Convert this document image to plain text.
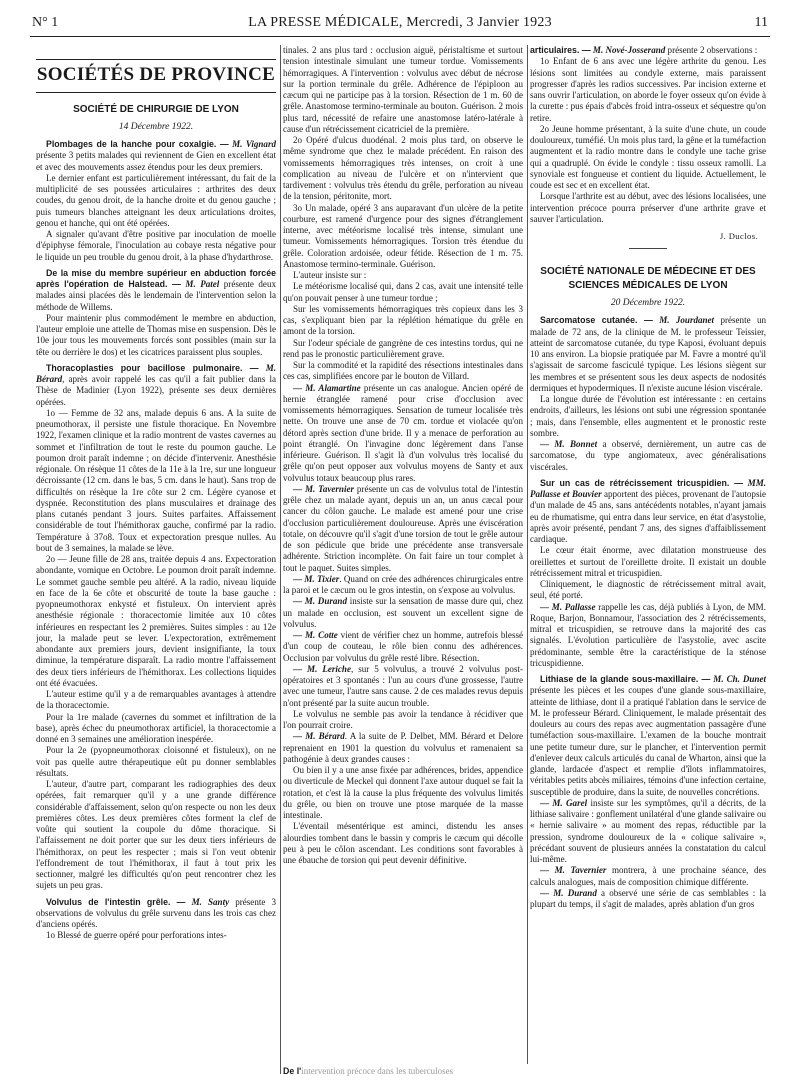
N° 1	LA PRESSE MÉDICALE, Mercredi, 3 Janvier 1923	11
SOCIÉTÉS DE PROVINCE
SOCIÉTÉ DE CHIRURGIE DE LYON
14 Décembre 1922.

Plombages de la hanche pour coxalgie. — M. Vignard présente 3 petits malades qui reviennent de Gien en excellent état et avec des mouvements assez étendus pour les deux premiers.

Le dernier enfant est particulièrement intéressant, du fait de la multiplicité de ses poussées articulaires : arthrites des deux coudes, du genou droit, de la hanche droite et du genou gauche ; puis tumeurs blanches atteignant les deux articulations droites, genou et hanche, qui ont été opérées.

A signaler qu'avant d'être positive par inoculation de moelle d'épiphyse fémorale, l'inoculation au cobaye resta négative pour le liquide un peu trouble du genou droit, à la phase d'hydarthrose.

De la mise du membre supérieur en abduction forcée après l'opération de Halstead. — M. Patel présente deux malades ainsi placées dès le lendemain de l'intervention selon la méthode de Willems.

Pour maintenir plus commodément le membre en abduction, l'auteur emploie une attelle de Thomas mise en suspension. Dès le 10e jour tous les mouvements forcés sont possibles (main sur la tête ou derrière le dos) et les cicatrices paraissent plus souples.

Thoracoplasties pour bacillose pulmonaire. — M. Bérard, après avoir rappelé les cas qu'il a fait publier dans la Thèse de Madinier (Lyon 1922), présente ses deux dernières opérées.

1o — Femme de 32 ans, malade depuis 6 ans. A la suite de pneumothorax, il persiste une fistule thoracique. En Novembre 1922, l'examen clinique et la radio montrent de vastes cavernes au sommet et l'infiltration de tout le reste du poumon gauche. Le poumon droit paraît indemne ; on décide d'intervenir. Anesthésie régionale. On résèque 11 côtes de la 11e à la 1re, sur une longueur décroissante (12 cm. dans le bas, 5 cm. dans le haut). Sans trop de difficultés on résèque la 1re côte sur 2 cm. Légère cyanose et dyspnée. Reconstitution des plans musculaires et drainage des plans cutanés pendant 3 jours. Suites parfaites. Affaissement considérable de tout l'hémithorax gauche, confirmé par la radio. Température à 37o8. Toux et expectoration presque nulles. Au bout de 3 semaines, la malade se lève.

2o — Jeune fille de 28 ans, traitée depuis 4 ans. Expectoration abondante, vomique en Octobre. Le poumon droit paraît indemne. Le sommet gauche semble peu altéré. A la radio, niveau liquide en face de la 6e côte et obscurité de toute la base gauche : pyopneumothorax enkysté et fistuleux. On intervient après anesthésie régionale : thoracectomie limitée aux 10 côtes inférieures en respectant les 2 premières. Suites simples : au 12e jour, la malade peut se lever. L'expectoration, extrêmement abondante aux premiers jours, devient insignifiante, la toux diminue, la température disparaît. La radio montre l'affaissement des deux tiers inférieurs de l'hémithorax. Les collections liquides ont été évacuées.

L'auteur estime qu'il y a de remarquables avantages à attendre de la thoracectomie.

Pour la 1re malade (cavernes du sommet et infiltration de la base), après échec du pneumothorax artificiel, la thoracectomie a donné en 3 semaines une amélioration inespérée.

Pour la 2e (pyopneumothorax cloisonné et fistuleux), on ne voit pas quelle autre thérapeutique eût pu donner semblables résultats.

L'auteur, d'autre part, comparant les radiographies des deux opérées, fait remarquer qu'il y a une grande différence considérable d'affaissement, selon qu'on respecte ou non les deux premières côtes. Les deux premières côtes forment la clef de voûte qui soutient la coupole du dôme thoracique. Si l'affaissement ne doit porter que sur les deux tiers inférieurs de l'hémithorax, on peut les respecter ; mais si l'on veut obtenir l'effondrement de tout l'hémithorax, il faut à tout prix les sectionner, malgré les difficultés qu'on peut rencontrer chez les sujets un peu gras.

Volvulus de l'intestin grêle. — M. Santy présente 3 observations de volvulus du grêle survenu dans les trois cas chez d'anciens opérés.

1o Blessé de guerre opéré pour perforations intes-

tinales. 2 ans plus tard : occlusion aiguë, péristaltisme et surtout tension intestinale simulant une tumeur tordue. Vomissements hémorragiques. A l'intervention : volvulus avec début de nécrose sur la portion terminale du grêle. Adhérence de l'épiploon au cæcum qui ne participe pas à la torsion. Résection de 1 m. 60 de grêle. Anastomose termino-terminale au bouton. Guérison. 2 mois plus tard, nécessité de refaire une anastomose latéro-latérale à cause d'un rétrécissement cicatriciel de la première.

2o Opéré d'ulcus duodénal. 2 mois plus tard, on observe le même syndrome que chez le malade précédent. En raison des vomissements hémorragiques très intenses, on croit à une complication au niveau de l'ulcère et on n'intervient que tardivement : volvulus très étendu du grêle, perforation au niveau de la tension, péritonite, mort.

3o Un malade, opéré 3 ans auparavant d'un ulcère de la petite courbure, est ramené d'urgence pour des signes d'étranglement interne, avec météorisme localisé très intense, simulant une tumeur. Vomissements hémorragiques. Torsion très étendue du grêle. Coloration ardoisée, odeur fétide. Résection de 1 m. 75. Anastomose termino-terminale. Guérison.

L'auteur insiste sur :

Le météorisme localisé qui, dans 2 cas, avait une intensité telle qu'on pouvait penser à une tumeur tordue ;

Sur les vomissements hémorragiques très copieux dans les 3 cas, s'expliquant bien par la réplétion hématique du grêle en amont de la torsion.

Sur l'odeur spéciale de gangrène de ces intestins tordus, qui ne rend pas le pronostic particulièrement grave.

Sur la commodité et la rapidité des résections intestinales dans ces cas, simplifiées encore par le bouton de Villard.

— M. Alamartine présente un cas analogue. Ancien opéré de hernie étranglée ramené pour crise d'occlusion avec vomissements hémorragiques. Sensation de tumeur localisée très nette. On trouve une anse de 70 cm. tordue et violacée qu'on détord après section d'une bride. Il y a menace de perforation au point étranglé. On l'invagine donc légèrement dans l'anse inférieure. Guérison. Il s'agit là d'un volvulus très localisé du grêle qu'on peut opposer aux volvulus moyens de Santy et aux volvulus totaux beaucoup plus rares.

— M. Tavernier présente un cas de volvulus total de l'intestin grêle chez un malade ayant, depuis un an, un anus cæcal pour cancer du côlon gauche. Le malade est amené pour une crise d'occlusion particulièrement douloureuse. Après une éviscération totale, on découvre qu'il s'agit d'une torsion de tout le grêle autour de son pédicule que bride une précédente anse transversale adhérente. Striction incomplète. On fait faire un tour complet à tout le paquet. Suites simples.

— M. Tixier. Quand on crée des adhérences chirurgicales entre la paroi et le cæcum ou le gros intestin, on s'expose au volvulus.

— M. Durand insiste sur la sensation de masse dure qui, chez un malade en occlusion, est souvent un excellent signe de volvulus.

— M. Cotte vient de vérifier chez un homme, autrefois blessé d'un coup de couteau, le rôle bien connu des adhérences. Occlusion par volvulus du grêle resté libre. Résection.

— M. Leriche, sur 5 volvulus, a trouvé 2 volvulus post-opératoires et 3 spontanés : l'un au cours d'une grossesse, l'autre avec une tumeur, l'autre sans cause. 2 de ces malades revus depuis n'ont présenté par la suite aucun trouble.

Le volvulus ne semble pas avoir la tendance à récidiver que l'on pourrait croire.

— M. Bérard. A la suite de P. Delbet, MM. Bérard et Delore reprenaient en 1901 la question du volvulus et ramenaient sa pathogénie à deux grandes causes :

Ou bien il y a une anse fixée par adhérences, brides, appendice ou diverticule de Meckel qui donnent l'axe autour duquel se fait la rotation, et c'est là la cause la plus fréquente des volvulus limités du grêle, ou bien on trouve une ptose marquée de la masse intestinale.

L'éventail mésentérique est aminci, distendu les anses alourdies tombent dans le bassin y compris le cæcum qui décolle peu à peu le côlon ascendant. Les conditions sont favorables à une ébauche de torsion qui peut devenir définitive.

De l'intervention précoce dans les tuberculoses

articulaires. — M. Nové-Josserand présente 2 observations :

1o Enfant de 6 ans avec une légère arthrite du genou. Les lésions sont limitées au condyle externe, mais paraissent progresser d'après les radios successives. Par incision externe et sans ouvrir l'articulation, on aborde le foyer osseux qu'on évide à la curette : pus épais d'abcès froid intra-osseux et séquestre qu'on retire.

2o Jeune homme présentant, à la suite d'une chute, un coude douloureux, tuméfié. Un mois plus tard, la gêne et la tuméfaction augmentent et la radio montre dans le condyle une tache grise qui a quadruplé. On évide le condyle : tissu osseux ramolli. La synoviale est fongueuse et contient du liquide. Actuellement, le coude est sec et en excellent état.

Lorsque l'arthrite est au début, avec des lésions localisées, une intervention précoce pourra préserver d'une arthrite grave et sauver l'articulation.

J. Duclos.
SOCIÉTÉ NATIONALE DE MÉDECINE ET DES SCIENCES MÉDICALES DE LYON
20 Décembre 1922.

Sarcomatose cutanée. — M. Jourdanet présente un malade de 72 ans, de la clinique de M. le professeur Teissier, atteint de sarcomatose cutanée, du type Kaposi, évoluant depuis 10 ans environ. La biopsie pratiquée par M. Favre a montré qu'il s'agissait de sarcome fasciculé typique. Les lésions siègent sur les membres et se présentent sous les deux aspects de nodosités dermiques et hypodermiques. Il n'existe aucune lésion viscérale.

La longue durée de l'évolution est intéressante : en certains endroits, d'ailleurs, les lésions ont subi une régression spontanée ; mais, dans l'ensemble, elles augmentent et le pronostic reste sombre.

— M. Bonnet a observé, dernièrement, un autre cas de sarcomatose, du type angiomateux, avec généralisations viscérales.

Sur un cas de rétrécissement tricuspidien. — MM. Pallasse et Bouvier apportent des pièces, provenant de l'autopsie d'un malade de 45 ans, sans antécédents notables, n'ayant jamais eu de rhumatisme, qui entra dans leur service, en état d'asystolie, après avoir présenté, pendant 7 ans, des signes d'affaiblissement cardiaque.

Le cœur était énorme, avec dilatation monstrueuse des oreillettes et surtout de l'oreillette droite. Il existait un double rétrécissement mitral et tricuspidien.

Cliniquement, le diagnostic de rétrécissement mitral avait, seul, été porté.

— M. Pallasse rappelle les cas, déjà publiés à Lyon, de MM. Roque, Barjon, Bonnamour, l'association des 2 rétrécissements, mitral et tricuspidien, se retrouve dans la majorité des cas signalés. L'évolution particulière de l'asystolie, avec ascite prédominante, semble être la caractéristique de la sténose tricuspidienne.

Lithiase de la glande sous-maxillaire. — M. Ch. Dunet présente les pièces et les coupes d'une glande sous-maxillaire, atteinte de lithiase, dont il a pratiqué l'ablation dans le service de M. le professeur Bérard. Cliniquement, le malade présentait des douleurs au cours des repas avec augmentation passagère d'une tuméfaction sous-maxillaire. L'examen de la bouche montrait une petite tumeur dure, sur le plancher, et l'intervention permit d'enlever deux calculs articulés du canal de Wharton, ainsi que la glande, lardacée d'aspect et remplie d'îlots inflammatoires, véritables petits abcès miliaires, témoins d'une infection certaine, susceptible de produire, dans la suite, de nouvelles concrétions.

— M. Garel insiste sur les symptômes, qu'il a décrits, de la lithiase salivaire : gonflement unilatéral d'une glande salivaire ou « hernie salivaire » au moment des repas, réductible par la pression, syndrome douloureux de la « colique salivaire », précédant souvent de plusieurs années la constatation du calcul lui-même.

— M. Tavernier montrera, à une prochaine séance, des calculs analogues, mais de composition chimique différente.

— M. Durand a observé une série de cas semblables : la plupart du temps, il s'agit de malades, après ablation d'un gros
